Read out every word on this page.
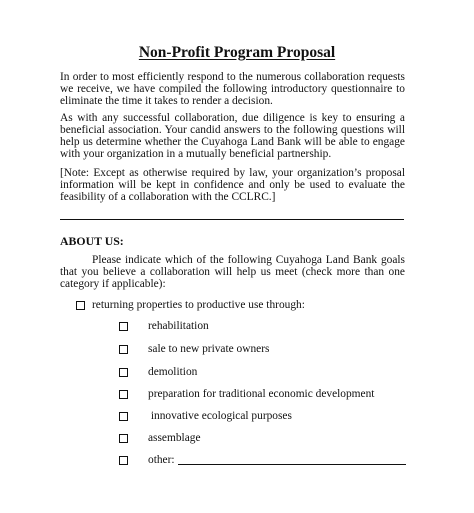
Non-Profit Program Proposal
In order to most efficiently respond to the numerous collaboration requests we receive, we have compiled the following introductory questionnaire to eliminate the time it takes to render a decision.
As with any successful collaboration, due diligence is key to ensuring a beneficial association. Your candid answers to the following questions will help us determine whether the Cuyahoga Land Bank will be able to engage with your organization in a mutually beneficial partnership.
[Note: Except as otherwise required by law, your organization’s proposal information will be kept in confidence and only be used to evaluate the feasibility of a collaboration with the CCLRC.]
ABOUT US:
Please indicate which of the following Cuyahoga Land Bank goals that you believe a collaboration will help us meet (check more than one category if applicable):
returning properties to productive use through:
rehabilitation
sale to new private owners
demolition
preparation for traditional economic development
innovative ecological purposes
assemblage
other:
